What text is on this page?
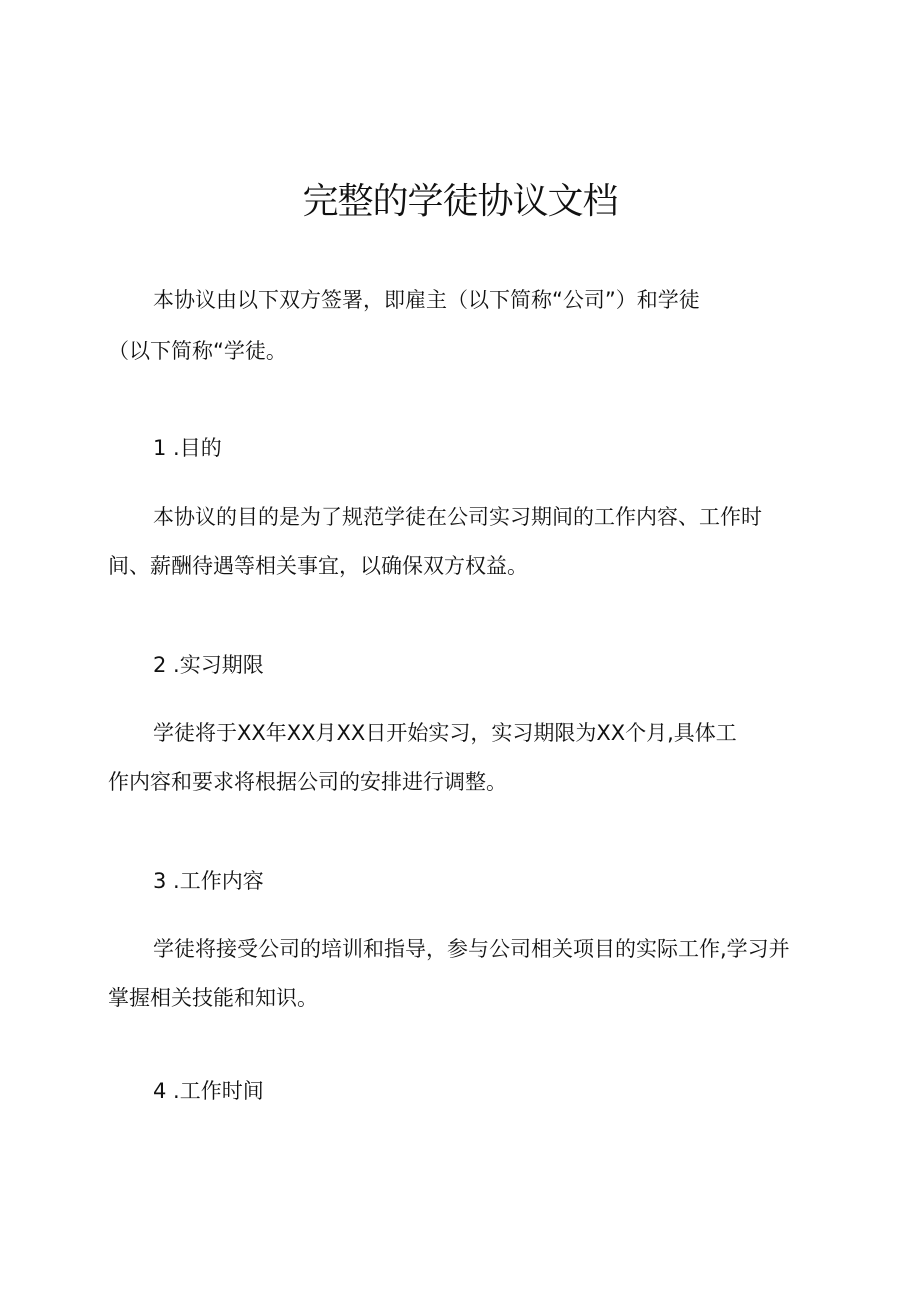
完整的学徒协议文档

本协议由以下双方签署，即雇主（以下简称“公司”）和学徒

（以下简称“学徒。

1 .目的

本协议的目的是为了规范学徒在公司实习期间的工作内容、工作时

间、薪酬待遇等相关事宜，以确保双方权益。

2 .实习期限

学徒将于XX年XX月XX日开始实习，实习期限为XX个月,具体工

作内容和要求将根据公司的安排进行调整。

3 .工作内容

学徒将接受公司的培训和指导，参与公司相关项目的实际工作,学习并

掌握相关技能和知识。

4 .工作时间
